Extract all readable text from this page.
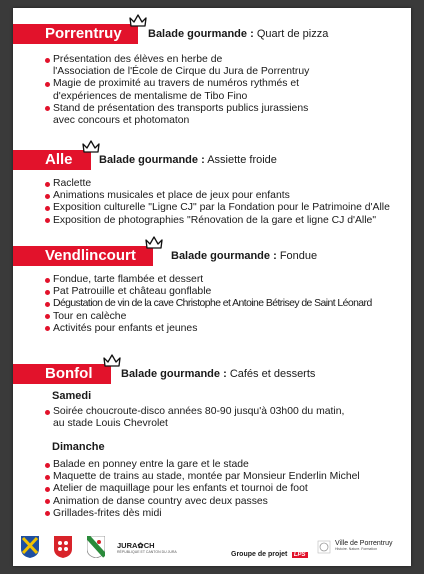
Porrentruy	Balade gourmande : Quart de pizza
Présentation des élèves en herbe de
l'Association de l'École de Cirque du Jura de Porrentruy
Magie de proximité au travers de numéros rythmés et
d'expériences de mentalisme de Tibo Fino
Stand de présentation des transports publics jurassiens
avec concours et photomaton
Alle	Balade gourmande : Assiette froide
Raclette
Animations musicales et place de jeux pour enfants
Exposition culturelle "Ligne CJ" par la Fondation pour le Patrimoine d'Alle
Exposition de photographies "Rénovation de la gare et ligne CJ d'Alle"
Vendlincourt	Balade gourmande : Fondue
Fondue, tarte flambée et dessert
Pat Patrouille et château gonflable
Dégustation de vin de la cave Christophe et Antoine Bétrisey de Saint Léonard
Tour en calèche
Activités pour enfants et jeunes
Bonfol	Balade gourmande : Cafés et desserts
Samedi
Soirée choucroute-disco années 80-90 jusqu'à 03h00 du matin,
au stade Louis Chevrolet
Dimanche
Balade en ponney entre la gare et le stade
Maquette de trains au stade, montée par Monsieur Enderlin Michel
Atelier de maquillage pour les enfants et tournoi de foot
Animation de danse country avec deux passes
Grillades-frites dès midi
JURA✿CH
RÉPUBLIQUE ET CANTON DU JURA	Groupe de projet LPS
Ville de Porrentruy
Histoire. Nature. Formation
